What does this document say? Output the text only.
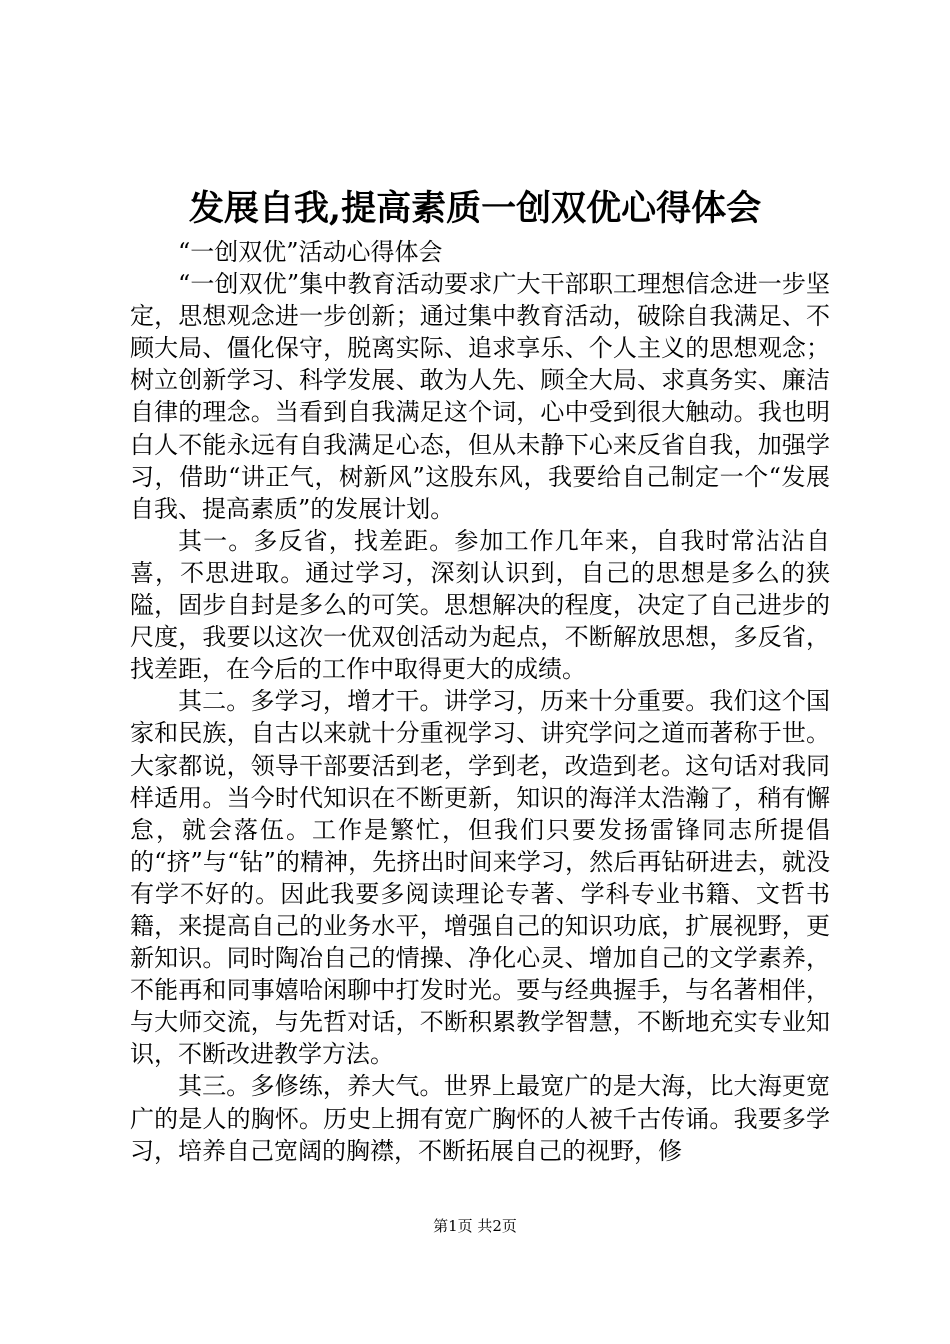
发展自我,提高素质一创双优心得体会

“一创双优”活动心得体会

“一创双优”集中教育活动要求广大干部职工理想信念进一步坚定，思想观念进一步创新；通过集中教育活动，破除自我满足、不顾大局、僵化保守，脱离实际、追求享乐、个人主义的思想观念；树立创新学习、科学发展、敢为人先、顾全大局、求真务实、廉洁自律的理念。当看到自我满足这个词，心中受到很大触动。我也明白人不能永远有自我满足心态，但从未静下心来反省自我，加强学习，借助“讲正气，树新风”这股东风，我要给自己制定一个“发展自我、提高素质”的发展计划。

其一。多反省，找差距。参加工作几年来，自我时常沾沾自喜，不思进取。通过学习，深刻认识到，自己的思想是多么的狭隘，固步自封是多么的可笑。思想解决的程度，决定了自己进步的尺度，我要以这次一优双创活动为起点，不断解放思想，多反省，找差距，在今后的工作中取得更大的成绩。

其二。多学习，增才干。讲学习，历来十分重要。我们这个国家和民族，自古以来就十分重视学习、讲究学问之道而著称于世。大家都说，领导干部要活到老，学到老，改造到老。这句话对我同样适用。当今时代知识在不断更新，知识的海洋太浩瀚了，稍有懈怠，就会落伍。工作是繁忙，但我们只要发扬雷锋同志所提倡的“挤”与“钻”的精神，先挤出时间来学习，然后再钻研进去，就没有学不好的。因此我要多阅读理论专著、学科专业书籍、文哲书籍，来提高自己的业务水平，增强自己的知识功底，扩展视野，更新知识。同时陶冶自己的情操、净化心灵、增加自己的文学素养，不能再和同事嬉哈闲聊中打发时光。要与经典握手，与名著相伴，与大师交流，与先哲对话，不断积累教学智慧，不断地充实专业知识，不断改进教学方法。

其三。多修练，养大气。世界上最宽广的是大海，比大海更宽广的是人的胸怀。历史上拥有宽广胸怀的人被千古传诵。我要多学习，培养自己宽阔的胸襟，不断拓展自己的视野，修

第1页 共2页
